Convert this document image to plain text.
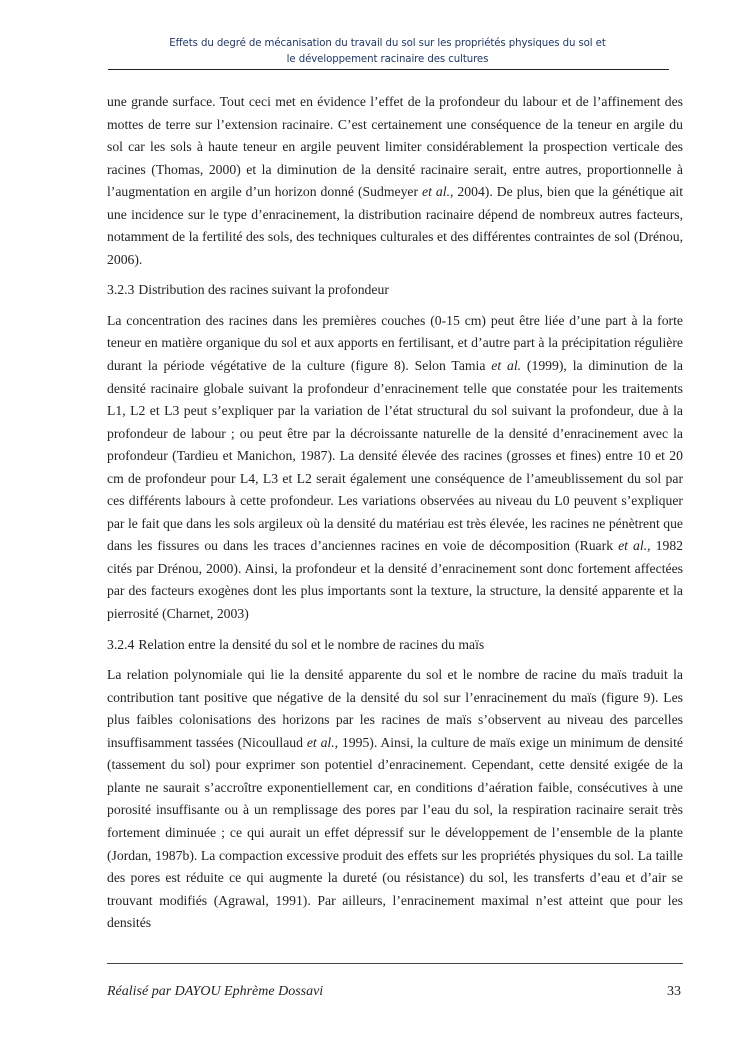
Effets du degré de mécanisation du travail du sol sur les propriétés physiques du sol et
le développement racinaire des cultures

une grande surface. Tout ceci met en évidence l’effet de la profondeur du labour et de l’affinement des mottes de terre sur l’extension racinaire. C’est certainement une conséquence de la teneur en argile du sol car les sols à haute teneur en argile peuvent limiter considérablement la prospection verticale des racines (Thomas, 2000) et la diminution de la densité racinaire serait, entre autres, proportionnelle à l’augmentation en argile d’un horizon donné (Sudmeyer et al., 2004). De plus, bien que la génétique ait une incidence sur le type d’enracinement, la distribution racinaire dépend de nombreux autres facteurs, notamment de la fertilité des sols, des techniques culturales et des différentes contraintes de sol (Drénou, 2006).

3.2.3 Distribution des racines suivant la profondeur

La concentration des racines dans les premières couches (0-15 cm) peut être liée d’une part à la forte teneur en matière organique du sol et aux apports en fertilisant, et d’autre part à la précipitation régulière durant la période végétative de la culture (figure 8). Selon Tamia et al. (1999), la diminution de la densité racinaire globale suivant la profondeur d’enracinement telle que constatée pour les traitements L1, L2 et L3 peut s’expliquer par la variation de l’état structural du sol suivant la profondeur, due à la profondeur de labour ; ou peut être par la décroissante naturelle de la densité d’enracinement avec la profondeur (Tardieu et Manichon, 1987). La densité élevée des racines (grosses et fines) entre 10 et 20 cm de profondeur pour L4, L3 et L2 serait également une conséquence de l’ameublissement du sol par ces différents labours à cette profondeur. Les variations observées au niveau du L0 peuvent s’expliquer par le fait que dans les sols argileux où la densité du matériau est très élevée, les racines ne pénètrent que dans les fissures ou dans les traces d’anciennes racines en voie de décomposition (Ruark et al., 1982 cités par Drénou, 2000). Ainsi, la profondeur et la densité d’enracinement sont donc fortement affectées par des facteurs exogènes dont les plus importants sont la texture, la structure, la densité apparente et la pierrosité (Charnet, 2003)

3.2.4 Relation entre la densité du sol et le nombre de racines du maïs

La relation polynomiale qui lie la densité apparente du sol et le nombre de racine du maïs traduit la contribution tant positive que négative de la densité du sol sur l’enracinement du maïs (figure 9). Les plus faibles colonisations des horizons par les racines de maïs s’observent au niveau des parcelles insuffisamment tassées (Nicoullaud et al., 1995). Ainsi, la culture de maïs exige un minimum de densité (tassement du sol) pour exprimer son potentiel d’enracinement. Cependant, cette densité exigée de la plante ne saurait s’accroître exponentiellement car, en conditions d’aération faible, consécutives à une porosité insuffisante ou à un remplissage des pores par l’eau du sol, la respiration racinaire serait très fortement diminuée ; ce qui aurait un effet dépressif sur le développement de l’ensemble de la plante (Jordan, 1987b). La compaction excessive produit des effets sur les propriétés physiques du sol. La taille des pores est réduite ce qui augmente la dureté (ou résistance) du sol, les transferts d’eau et d’air se trouvant modifiés (Agrawal, 1991). Par ailleurs, l’enracinement maximal n’est atteint que pour les densités

Réalisé par DAYOU Ephrème Dossavi	33
